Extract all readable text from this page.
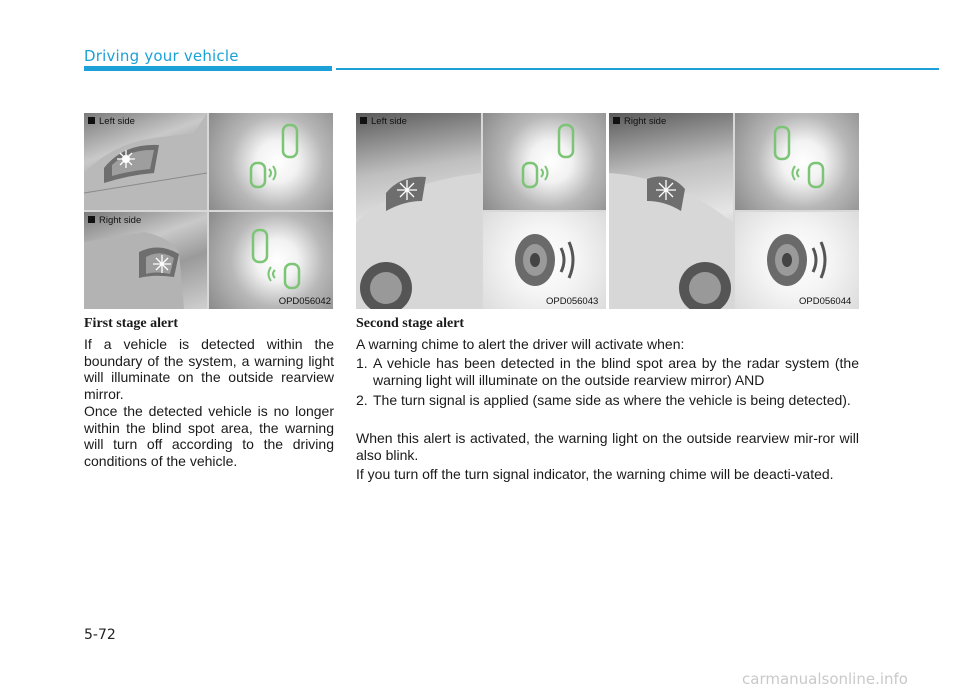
Driving your vehicle
Left side
Right side
OPD056042
Left side
OPD056043
Right side
OPD056044
First stage alert
If a vehicle is detected within the boundary of the system, a warning light will illuminate on the outside rearview mirror.
Once the detected vehicle is no longer within the blind spot area, the warning will turn off according to the driving conditions of the vehicle.
Second stage alert
A warning chime to alert the driver will activate when:
1. A vehicle has been detected in the blind spot area by the radar system (the warning light will illuminate on the outside rearview mirror) AND
2. The turn signal is applied (same side as where the vehicle is being detected).
When this alert is activated, the warning light on the outside rearview mir-ror will also blink.
If you turn off the turn signal indicator, the warning chime will be deacti-vated.
5-72
carmanualsonline.info
